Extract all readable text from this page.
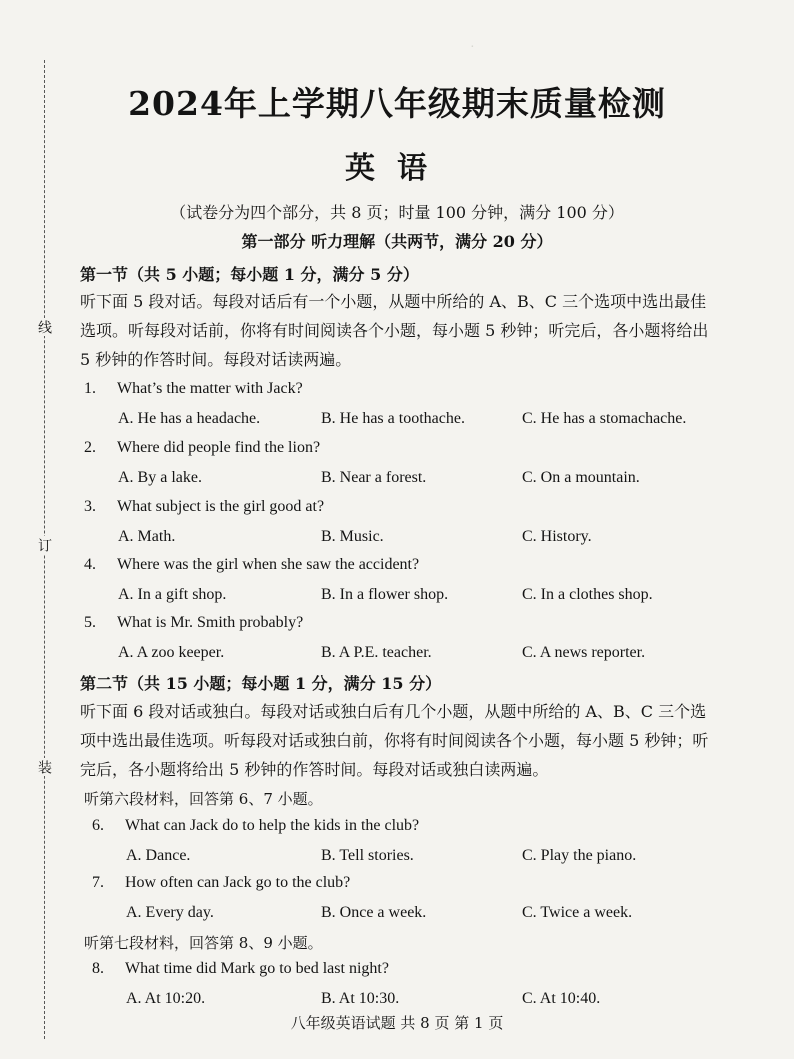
·
线
订
装
2024年上学期八年级期末质量检测
英语
（试卷分为四个部分，共 8 页；时量 100 分钟，满分 100 分）
第一部分 听力理解（共两节，满分 20 分）
第一节（共 5 小题；每小题 1 分，满分 5 分）
听下面 5 段对话。每段对话后有一个小题，从题中所给的 A、B、C 三个选项中选出最佳选项。听每段对话前，你将有时间阅读各个小题，每小题 5 秒钟；听完后，各小题将给出 5 秒钟的作答时间。每段对话读两遍。
1. What’s the matter with Jack?
A. He has a headache.	B. He has a toothache.	C. He has a stomachache.
2. Where did people find the lion?
A. By a lake.	B. Near a forest.	C. On a mountain.
3. What subject is the girl good at?
A. Math.	B. Music.	C. History.
4. Where was the girl when she saw the accident?
A. In a gift shop.	B. In a flower shop.	C. In a clothes shop.
5. What is Mr. Smith probably?
A. A zoo keeper.	B. A P.E. teacher.	C. A news reporter.
6. What can Jack do to help the kids in the club?
A. Dance.	B. Tell stories.	C. Play the piano.
7. How often can Jack go to the club?
A. Every day.	B. Once a week.	C. Twice a week.
8. What time did Mark go to bed last night?
A. At 10:20.	B. At 10:30.	C. At 10:40.
第二节（共 15 小题；每小题 1 分，满分 15 分）
听下面 6 段对话或独白。每段对话或独白后有几个小题，从题中所给的 A、B、C 三个选项中选出最佳选项。听每段对话或独白前，你将有时间阅读各个小题，每小题 5 秒钟；听完后，各小题将给出 5 秒钟的作答时间。每段对话或独白读两遍。
听第六段材料，回答第 6、7 小题。
听第七段材料，回答第 8、9 小题。
八年级英语试题 共 8 页 第 1 页
